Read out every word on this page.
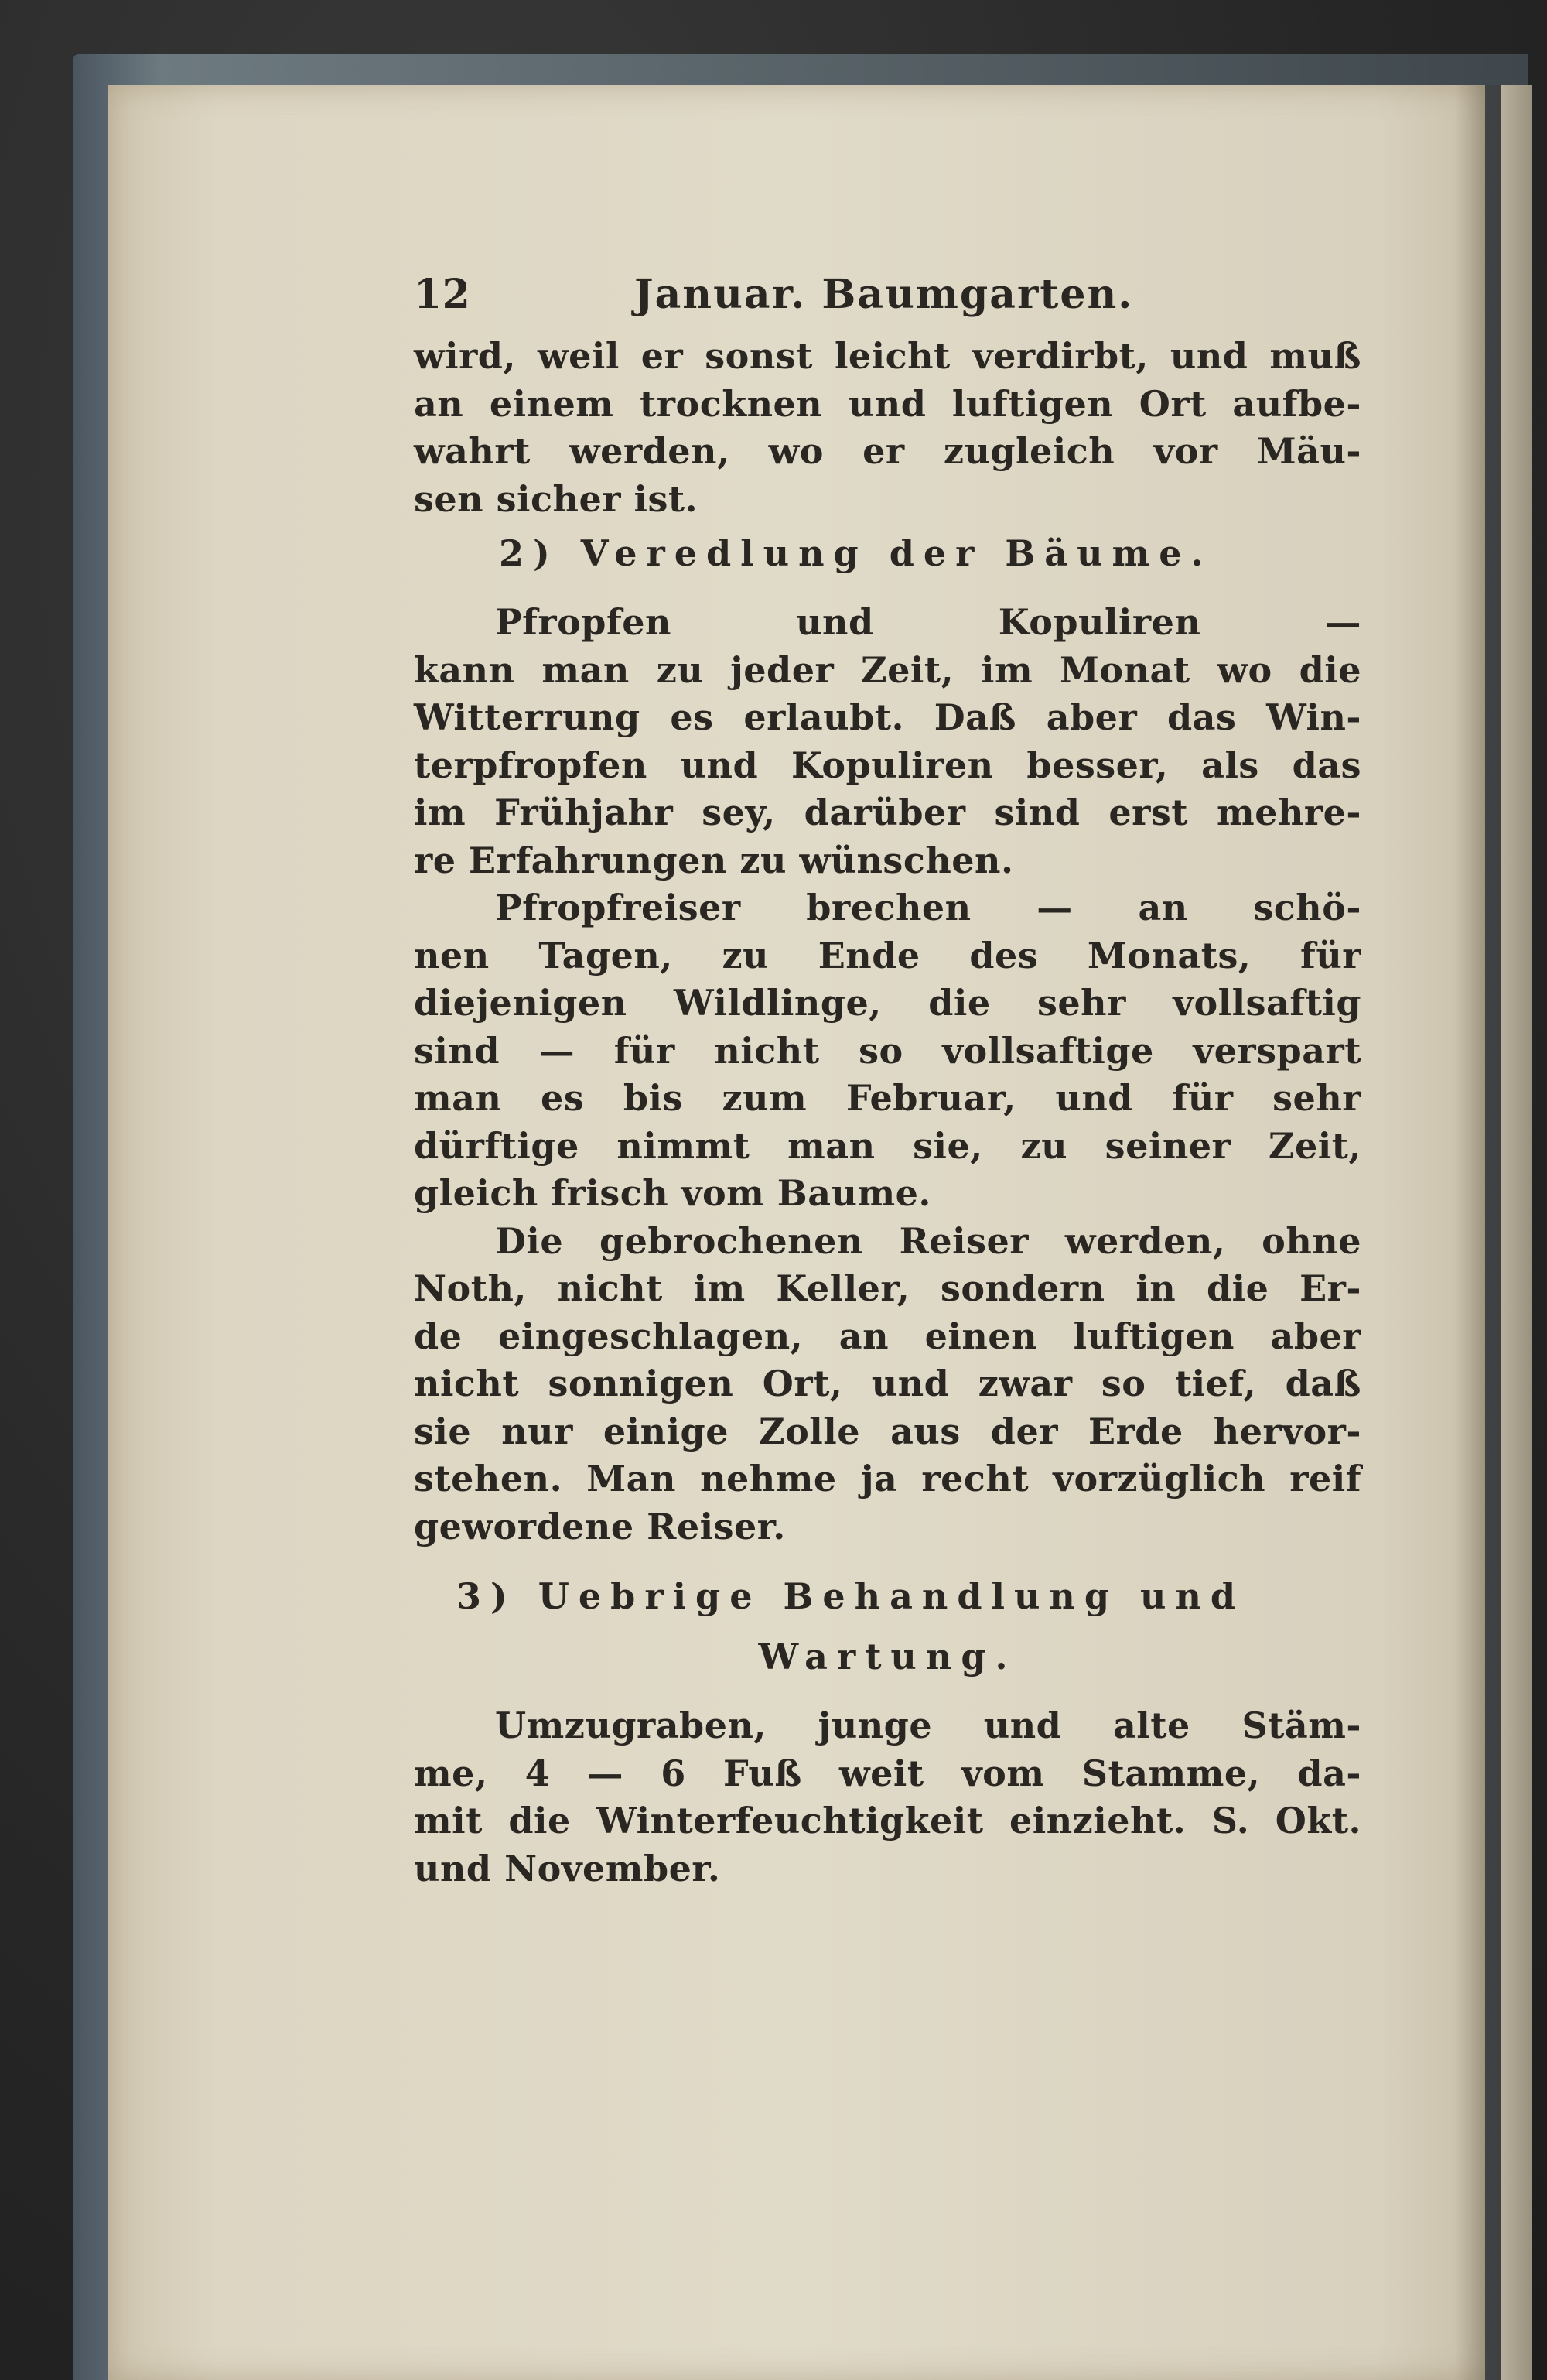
12	Januar. Baumgarten.
wird, weil er sonst leicht verdirbt, und muß
an einem trocknen und luftigen Ort aufbe-
wahrt werden, wo er zugleich vor Mäu-
sen sicher ist.
2) Veredlung der Bäume.
Pfropfen und Kopuliren —
kann man zu jeder Zeit, im Monat wo die
Witterrung es erlaubt. Daß aber das Win-
terpfropfen und Kopuliren besser, als das
im Frühjahr sey, darüber sind erst mehre-
re Erfahrungen zu wünschen.
Pfropfreiser brechen — an schö-
nen Tagen, zu Ende des Monats, für
diejenigen Wildlinge, die sehr vollsaftig
sind — für nicht so vollsaftige verspart
man es bis zum Februar, und für sehr
dürftige nimmt man sie, zu seiner Zeit,
gleich frisch vom Baume.
Die gebrochenen Reiser werden, ohne
Noth, nicht im Keller, sondern in die Er-
de eingeschlagen, an einen luftigen aber
nicht sonnigen Ort, und zwar so tief, daß
sie nur einige Zolle aus der Erde hervor-
stehen. Man nehme ja recht vorzüglich reif
gewordene Reiser.
3) Uebrige Behandlung und
Wartung.
Umzugraben, junge und alte Stäm-
me, 4 — 6 Fuß weit vom Stamme, da-
mit die Winterfeuchtigkeit einzieht. S. Okt.
und November.
